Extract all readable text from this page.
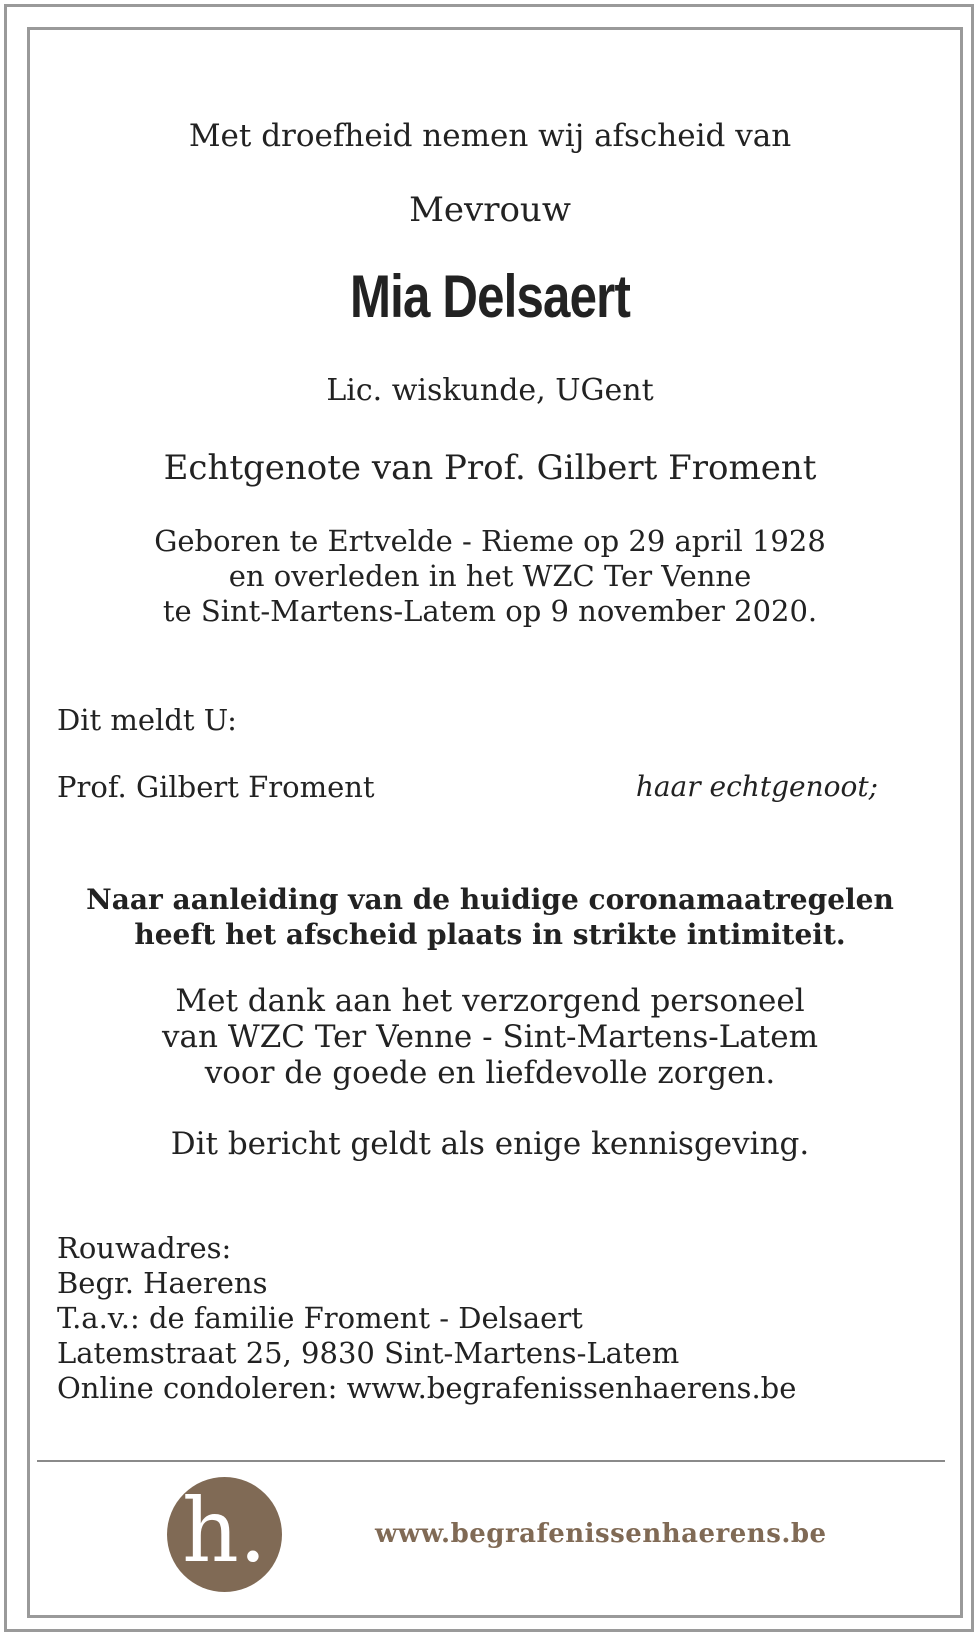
Met droefheid nemen wij afscheid van
Mevrouw
Mia Delsaert
Lic. wiskunde, UGent
Echtgenote van Prof. Gilbert Froment
Geboren te Ertvelde - Rieme op 29 april 1928
en overleden in het WZC Ter Venne
te Sint-Martens-Latem op 9 november 2020.
Dit meldt U:
Prof. Gilbert Froment	haar echtgenoot;
Naar aanleiding van de huidige coronamaatregelen
heeft het afscheid plaats in strikte intimiteit.
Met dank aan het verzorgend personeel
van WZC Ter Venne - Sint-Martens-Latem
voor de goede en liefdevolle zorgen.
Dit bericht geldt als enige kennisgeving.
Rouwadres:
Begr. Haerens
T.a.v.: de familie Froment - Delsaert
Latemstraat 25, 9830 Sint-Martens-Latem
Online condoleren: www.begrafenissenhaerens.be
h.	www.begrafenissenhaerens.be
